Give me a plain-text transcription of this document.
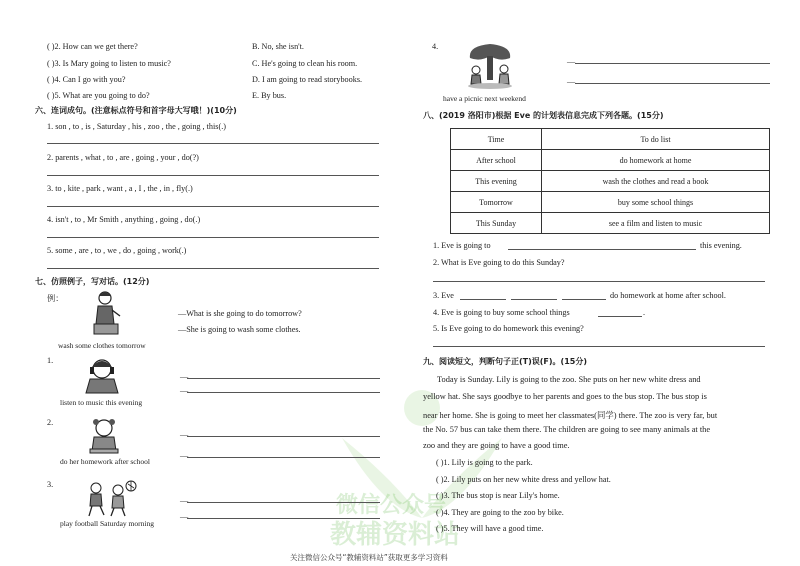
微信公众号
教辅资料站
( )2. How can we get there?
( )3. Is Mary going to listen to music?
( )4. Can I go with you?
( )5. What are you going to do?
B. No, she isn't.
C. He's going to clean his room.
D. I am going to read storybooks.
E. By bus.
六、连词成句。(注意标点符号和首字母大写哦！)(10分)
1. son , to , is , Saturday , his , zoo , the , going , this(.)
2. parents , what , to , are , going , your , do(?)
3. to , kite , park , want , a , I , the , in , fly(.)
4. isn't , to , Mr Smith , anything , going , do(.)
5. some , are , to , we , do , going , work(.)
七、仿照例子，写对话。(12分)
例：
—What is she going to do tomorrow?
—She is going to wash some clothes.
wash some clothes tomorrow
1.
listen to music this evening
—
—
2.
do her homework after school
—
—
3.
play football Saturday morning
—
—
4.
have a picnic next weekend
—
—
八、(2019 洛阳市)根据 Eve 的计划表信息完成下列各题。(15分)
Time	To do list
After school	do homework at home
This evening	wash the clothes and read a book
Tomorrow	buy some school things
This Sunday	see a film and listen to music
1. Eve is going to	this evening.
2. What is Eve going to do this Sunday?
3. Eve	do homework at home after school.
4. Eve is going to buy some school things	.
5. Is Eve going to do homework this evening?
九、阅读短文，判断句子正(T)误(F)。(15分)
Today is Sunday. Lily is going to the zoo. She puts on her new white dress and
yellow hat. She says goodbye to her parents and goes to the bus stop. The bus stop is
near her home. She is going to meet her classmates(同学) there. The zoo is very far, but
the No. 57 bus can take them there. The children are going to see many animals at the
zoo and they are going to have a good time.
( )1. Lily is going to the park.
( )2. Lily puts on her new white dress and yellow hat.
( )3. The bus stop is near Lily's home.
( )4. They are going to the zoo by bike.
( )5. They will have a good time.
关注微信公众号“教辅资料站”获取更多学习资料
